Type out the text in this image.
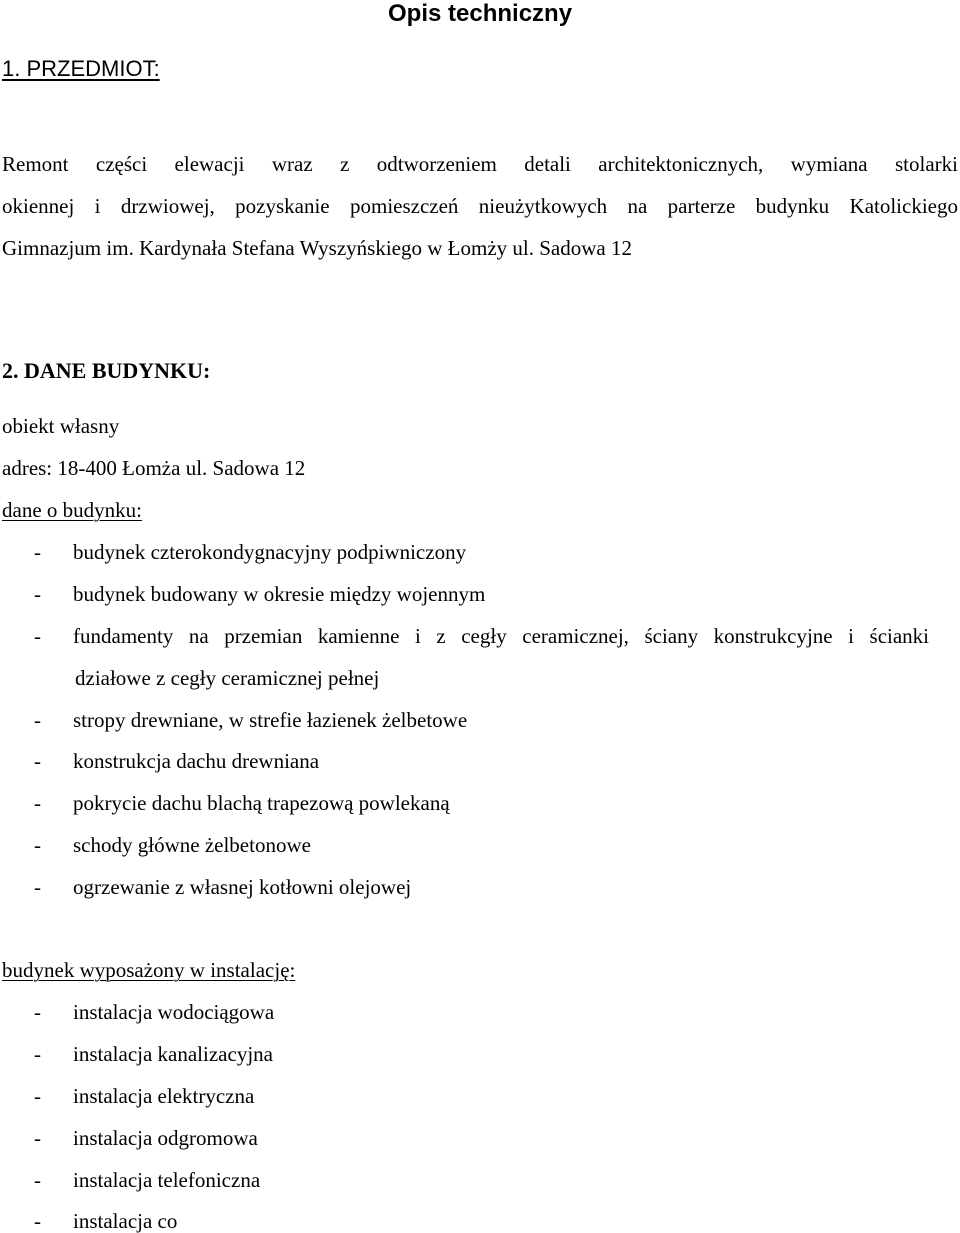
Opis techniczny
1. PRZEDMIOT:
Remont części elewacji wraz z odtworzeniem detali architektonicznych, wymiana stolarki
okiennej i drzwiowej, pozyskanie pomieszczeń nieużytkowych na parterze budynku Katolickiego
Gimnazjum im. Kardynała Stefana Wyszyńskiego w Łomży ul. Sadowa 12
2. DANE BUDYNKU:
obiekt własny
adres: 18-400 Łomża ul. Sadowa 12
dane o budynku:
- budynek czterokondygnacyjny podpiwniczony
- budynek budowany w okresie między wojennym
- fundamenty na przemian kamienne i z cegły ceramicznej, ściany konstrukcyjne i ścianki
działowe z cegły ceramicznej pełnej
- stropy drewniane, w strefie łazienek żelbetowe
- konstrukcja dachu drewniana
- pokrycie dachu blachą trapezową powlekaną
- schody główne żelbetonowe
- ogrzewanie z własnej kotłowni olejowej
budynek wyposażony w instalację:
- instalacja wodociągowa
- instalacja kanalizacyjna
- instalacja elektryczna
- instalacja odgromowa
- instalacja telefoniczna
- instalacja co
